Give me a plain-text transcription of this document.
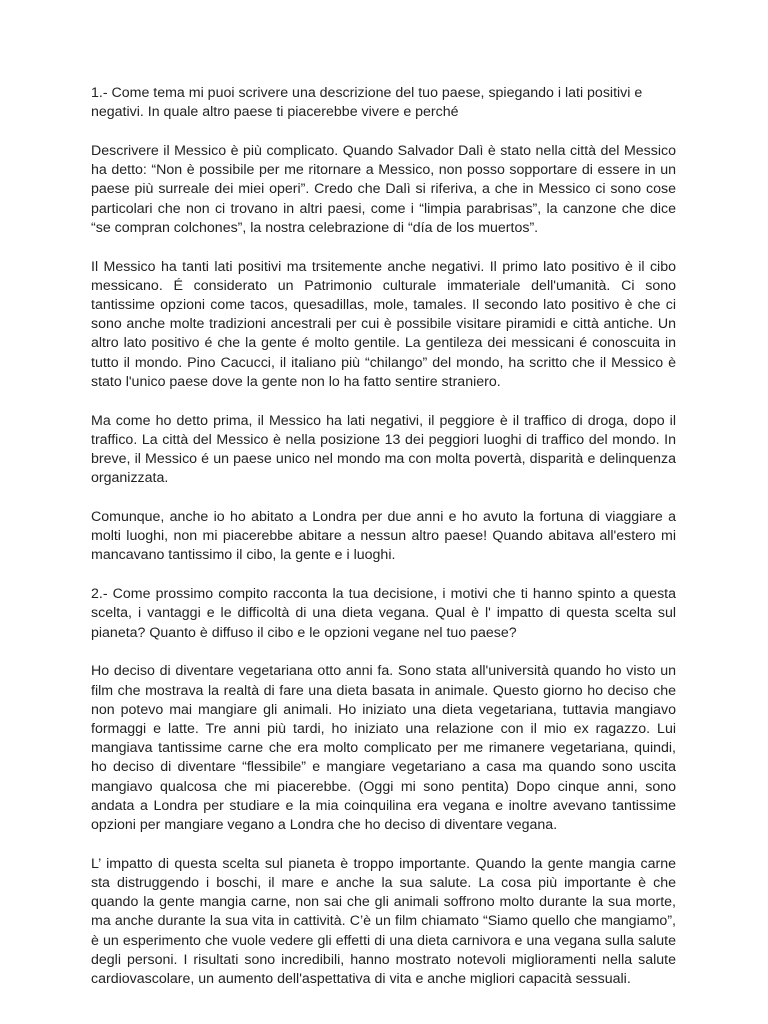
1.- Come tema mi puoi scrivere una descrizione del tuo paese, spiegando i lati positivi e negativi. In quale altro paese ti piacerebbe vivere e perché

Descrivere il Messico è più complicato. Quando Salvador Dalì è stato nella città del Messico ha detto: “Non è possibile per me ritornare a Messico, non posso sopportare di essere in un paese più surreale dei miei operi”. Credo che Dalì si riferiva, a che in Messico ci sono cose particolari che non ci trovano in altri paesi, come i “limpia parabrisas”, la canzone che dice “se compran colchones”, la nostra celebrazione di “día de los muertos”.

Il Messico ha tanti lati positivi ma trsitemente anche negativi. Il primo lato positivo è il cibo messicano. É considerato un Patrimonio culturale immateriale dell'umanità. Ci sono tantissime opzioni come tacos, quesadillas, mole, tamales. Il secondo lato positivo è che ci sono anche molte tradizioni ancestrali per cui è possibile visitare piramidi e città antiche. Un altro lato positivo é che la gente é molto gentile. La gentileza dei messicani é conoscuita in tutto il mondo. Pino Cacucci, il italiano più “chilango” del mondo, ha scritto che il Messico è stato l'unico paese dove la gente non lo ha fatto sentire straniero.

Ma come ho detto prima, il Messico ha lati negativi, il peggiore è il traffico di droga, dopo il traffico. La città del Messico è nella posizione 13 dei peggiori luoghi di traffico del mondo. In breve, il Messico é un paese unico nel mondo ma con molta povertà, disparità e delinquenza organizzata.

Comunque, anche io ho abitato a Londra per due anni e ho avuto la fortuna di viaggiare a molti luoghi, non mi piacerebbe abitare a nessun altro paese! Quando abitava all'estero mi mancavano tantissimo il cibo, la gente e i luoghi.

2.- Come prossimo compito racconta la tua decisione, i motivi che ti hanno spinto a questa scelta, i vantaggi e le difficoltà di una dieta vegana. Qual è l' impatto di questa scelta sul pianeta? Quanto è diffuso il cibo e le opzioni vegane nel tuo paese?

Ho deciso di diventare vegetariana otto anni fa. Sono stata all'università quando ho visto un film che mostrava la realtà di fare una dieta basata in animale. Questo giorno ho deciso che non potevo mai mangiare gli animali. Ho iniziato una dieta vegetariana, tuttavia mangiavo formaggi e latte. Tre anni più tardi, ho iniziato una relazione con il mio ex ragazzo. Lui mangiava tantissime carne che era molto complicato per me rimanere vegetariana, quindi, ho deciso di diventare “flessibile” e mangiare vegetariano a casa ma quando sono uscita mangiavo qualcosa che mi piacerebbe. (Oggi mi sono pentita) Dopo cinque anni, sono andata a Londra per studiare e la mia coinquilina era vegana e inoltre avevano tantissime opzioni per mangiare vegano a Londra che ho deciso di diventare vegana.

L’ impatto di questa scelta sul pianeta è troppo importante. Quando la gente mangia carne sta distruggendo i boschi, il mare e anche la sua salute. La cosa più importante è che quando la gente mangia carne, non sai che gli animali soffrono molto durante la sua morte, ma anche durante la sua vita in cattività. C’è un film chiamato “Siamo quello che mangiamo”, è un esperimento che vuole vedere gli effetti di una dieta carnivora e una vegana sulla salute degli personi. I risultati sono incredibili, hanno mostrato notevoli miglioramenti nella salute cardiovascolare, un aumento dell'aspettativa di vita e anche migliori capacità sessuali.
